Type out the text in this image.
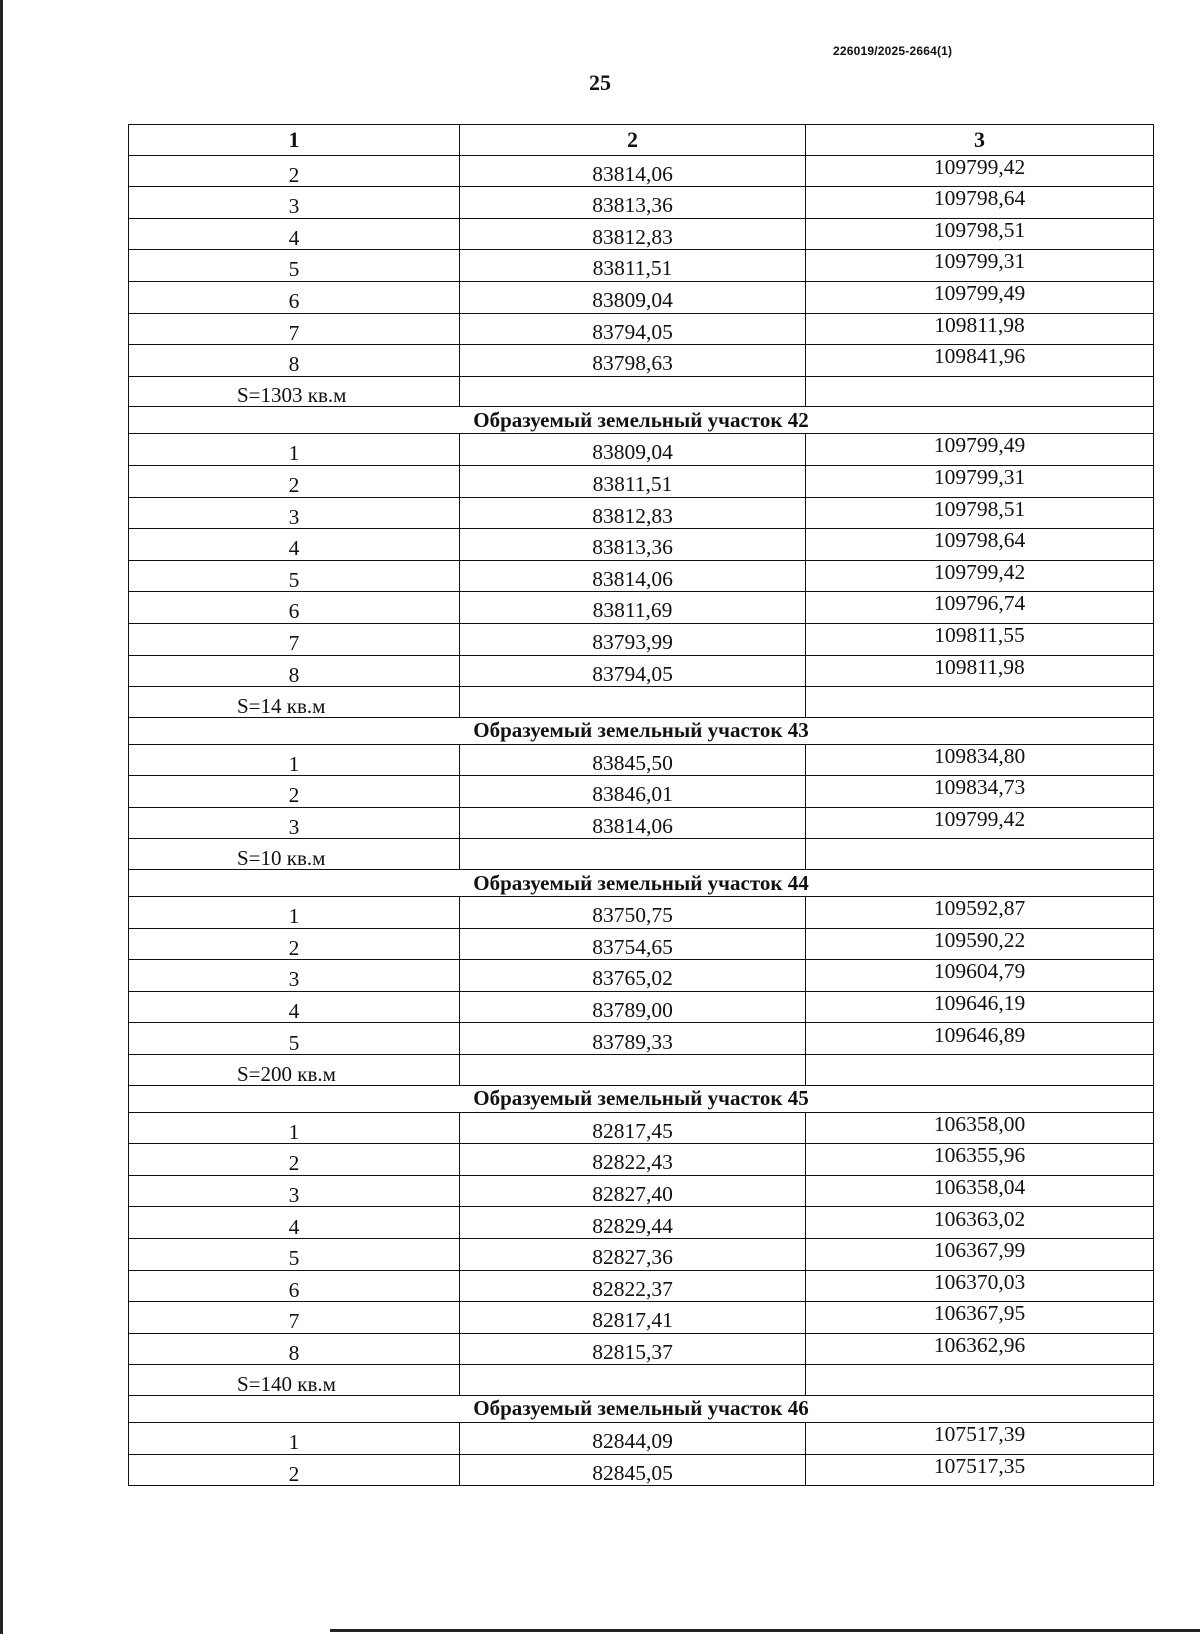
226019/2025-2664(1)
25
1	2	3
2	83814,06	109799,42
3	83813,36	109798,64
4	83812,83	109798,51
5	83811,51	109799,31
6	83809,04	109799,49
7	83794,05	109811,98
8	83798,63	109841,96
S=1303 кв.м		
Образуемый земельный участок 42		
1	83809,04	109799,49
2	83811,51	109799,31
3	83812,83	109798,51
4	83813,36	109798,64
5	83814,06	109799,42
6	83811,69	109796,74
7	83793,99	109811,55
8	83794,05	109811,98
S=14 кв.м		
Образуемый земельный участок 43		
1	83845,50	109834,80
2	83846,01	109834,73
3	83814,06	109799,42
S=10 кв.м		
Образуемый земельный участок 44		
1	83750,75	109592,87
2	83754,65	109590,22
3	83765,02	109604,79
4	83789,00	109646,19
5	83789,33	109646,89
S=200 кв.м		
Образуемый земельный участок 45		
1	82817,45	106358,00
2	82822,43	106355,96
3	82827,40	106358,04
4	82829,44	106363,02
5	82827,36	106367,99
6	82822,37	106370,03
7	82817,41	106367,95
8	82815,37	106362,96
S=140 кв.м		
Образуемый земельный участок 46		
1	82844,09	107517,39
2	82845,05	107517,35
